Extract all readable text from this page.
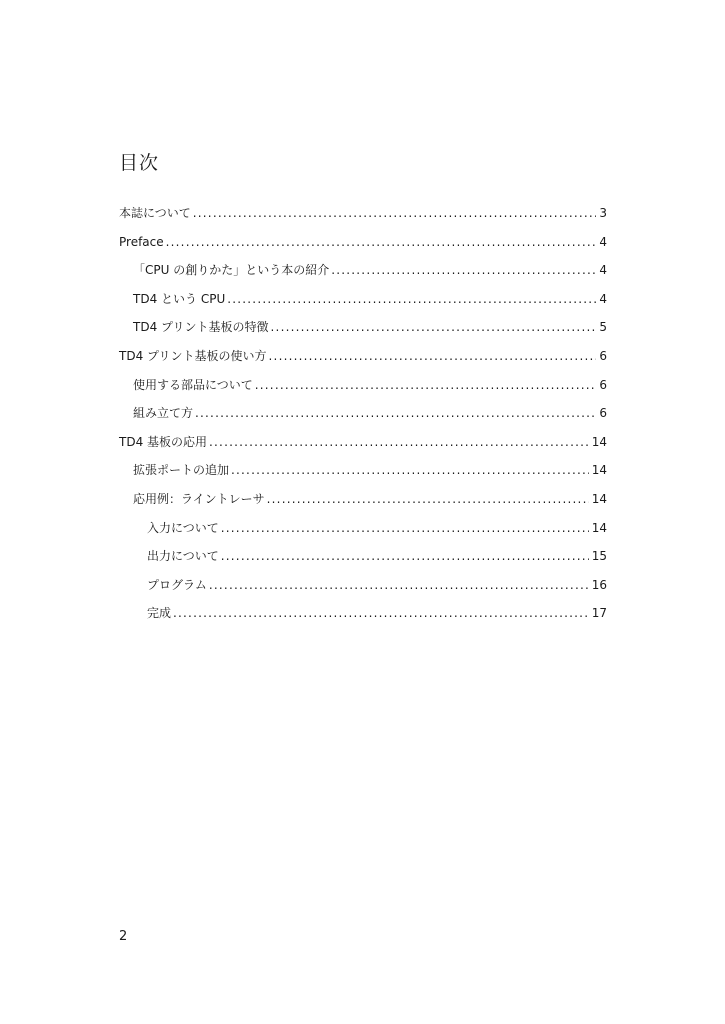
目次
本誌について .....	3
Preface .....	4
「CPU の創りかた」という本の紹介 .....	4
TD4 という CPU .....	4
TD4 プリント基板の特徴 .....	5
TD4 プリント基板の使い方 .....	6
使用する部品について .....	6
組み立て方 .....	6
TD4 基板の応用 .....	14
拡張ポートの追加 .....	14
応用例：ライントレーサ .....	14
入力について .....	14
出力について .....	15
プログラム .....	16
完成 .....	17

2
